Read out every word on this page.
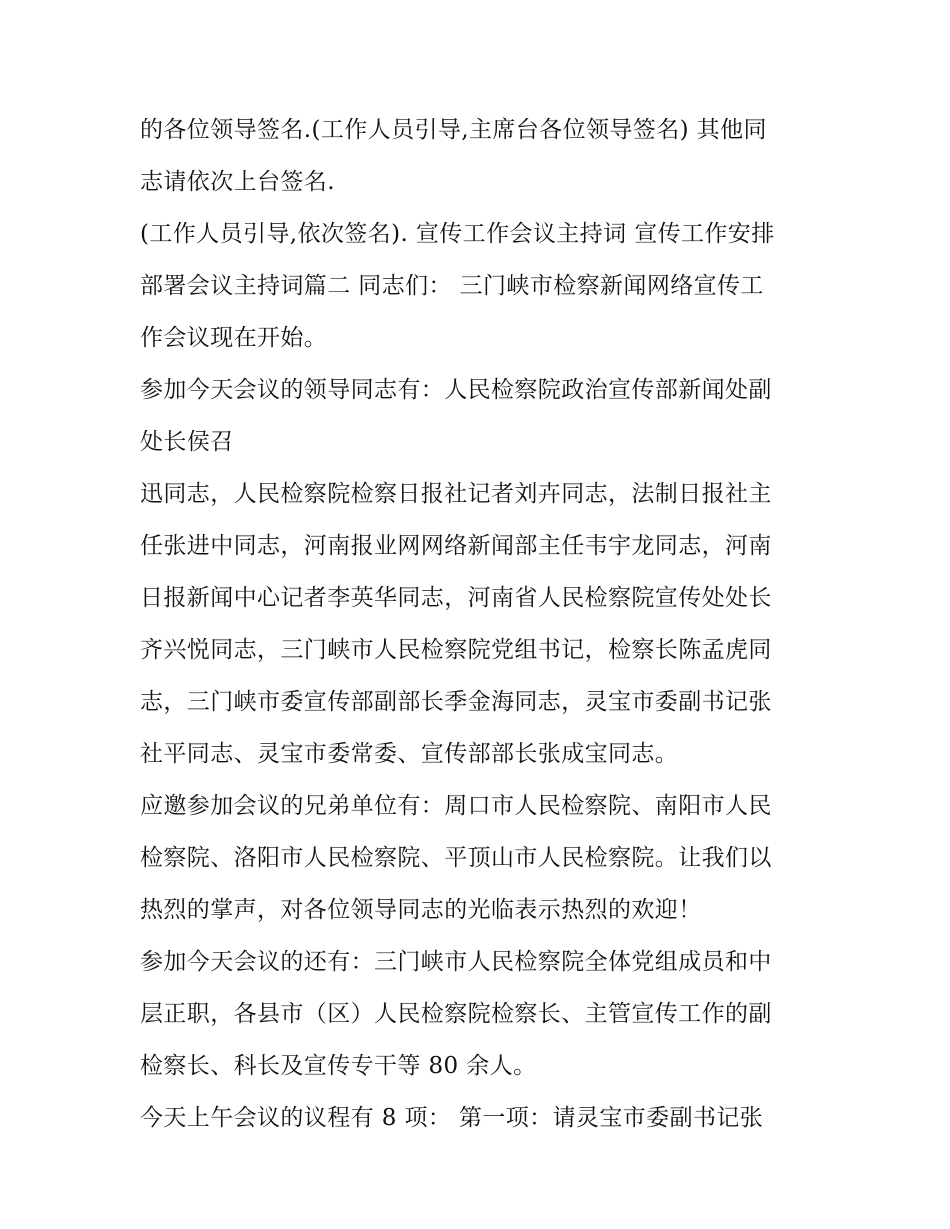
的各位领导签名.(工作人员引导,主席台各位领导签名) 其他同
志请依次上台签名.
(工作人员引导,依次签名). 宣传工作会议主持词 宣传工作安排
部署会议主持词篇二 同志们： 三门峡市检察新闻网络宣传工
作会议现在开始。
参加今天会议的领导同志有：人民检察院政治宣传部新闻处副
处长侯召
迅同志，人民检察院检察日报社记者刘卉同志，法制日报社主
任张进中同志，河南报业网网络新闻部主任韦宇龙同志，河南
日报新闻中心记者李英华同志，河南省人民检察院宣传处处长
齐兴悦同志，三门峡市人民检察院党组书记，检察长陈孟虎同
志，三门峡市委宣传部副部长季金海同志，灵宝市委副书记张
社平同志、灵宝市委常委、宣传部部长张成宝同志。
应邀参加会议的兄弟单位有：周口市人民检察院、南阳市人民
检察院、洛阳市人民检察院、平顶山市人民检察院。让我们以
热烈的掌声，对各位领导同志的光临表示热烈的欢迎！
参加今天会议的还有：三门峡市人民检察院全体党组成员和中
层正职，各县市（区）人民检察院检察长、主管宣传工作的副
检察长、科长及宣传专干等 80 余人。
今天上午会议的议程有 8 项： 第一项：请灵宝市委副书记张
